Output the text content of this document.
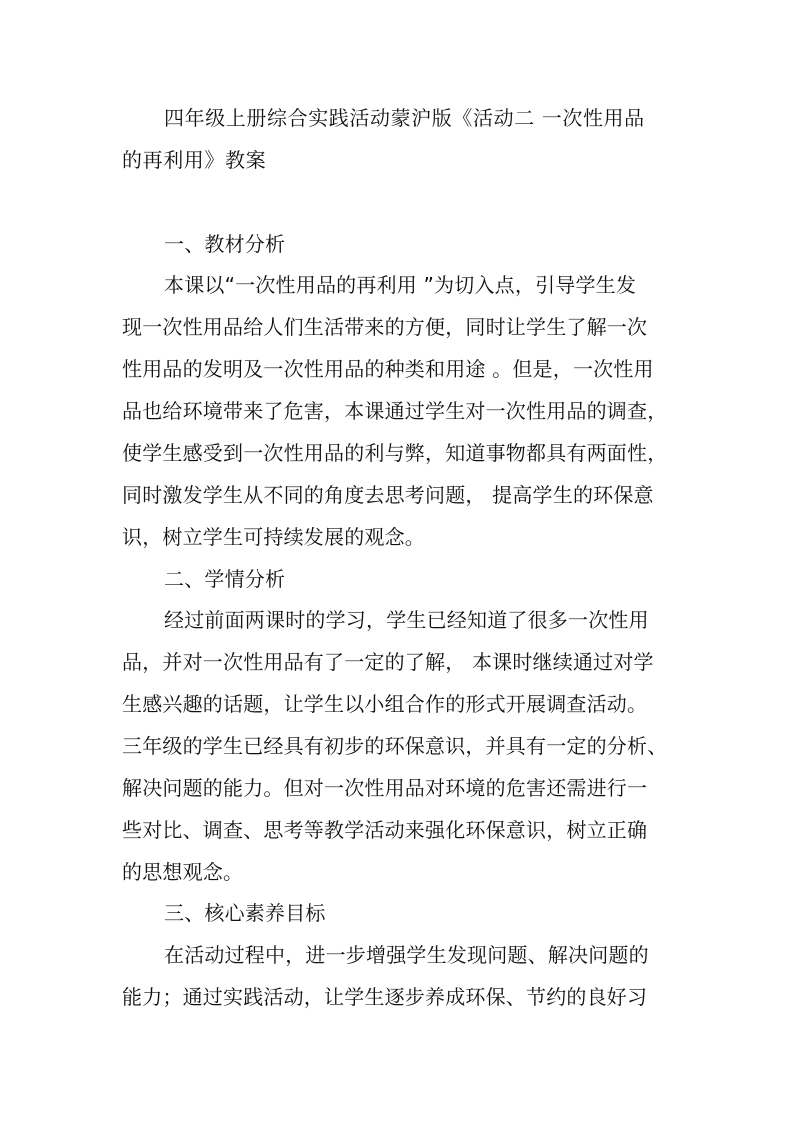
四年级上册综合实践活动蒙沪版《活动二 一次性用品
的再利用》教案
一、教材分析
本课以“一次性用品的再利用 ”为切入点，引导学生发
现一次性用品给人们生活带来的方便，同时让学生了解一次
性用品的发明及一次性用品的种类和用途 。但是，一次性用
品也给环境带来了危害，本课通过学生对一次性用品的调查，
使学生感受到一次性用品的利与弊，知道事物都具有两面性，
同时激发学生从不同的角度去思考问题， 提高学生的环保意
识，树立学生可持续发展的观念。
二、学情分析
经过前面两课时的学习，学生已经知道了很多一次性用
品，并对一次性用品有了一定的了解， 本课时继续通过对学
生感兴趣的话题，让学生以小组合作的形式开展调查活动。
三年级的学生已经具有初步的环保意识，并具有一定的分析、
解决问题的能力。但对一次性用品对环境的危害还需进行一
些对比、调查、思考等教学活动来强化环保意识，树立正确
的思想观念。
三、核心素养目标
在活动过程中，进一步增强学生发现问题、解决问题的
能力；通过实践活动，让学生逐步养成环保、节约的良好习
